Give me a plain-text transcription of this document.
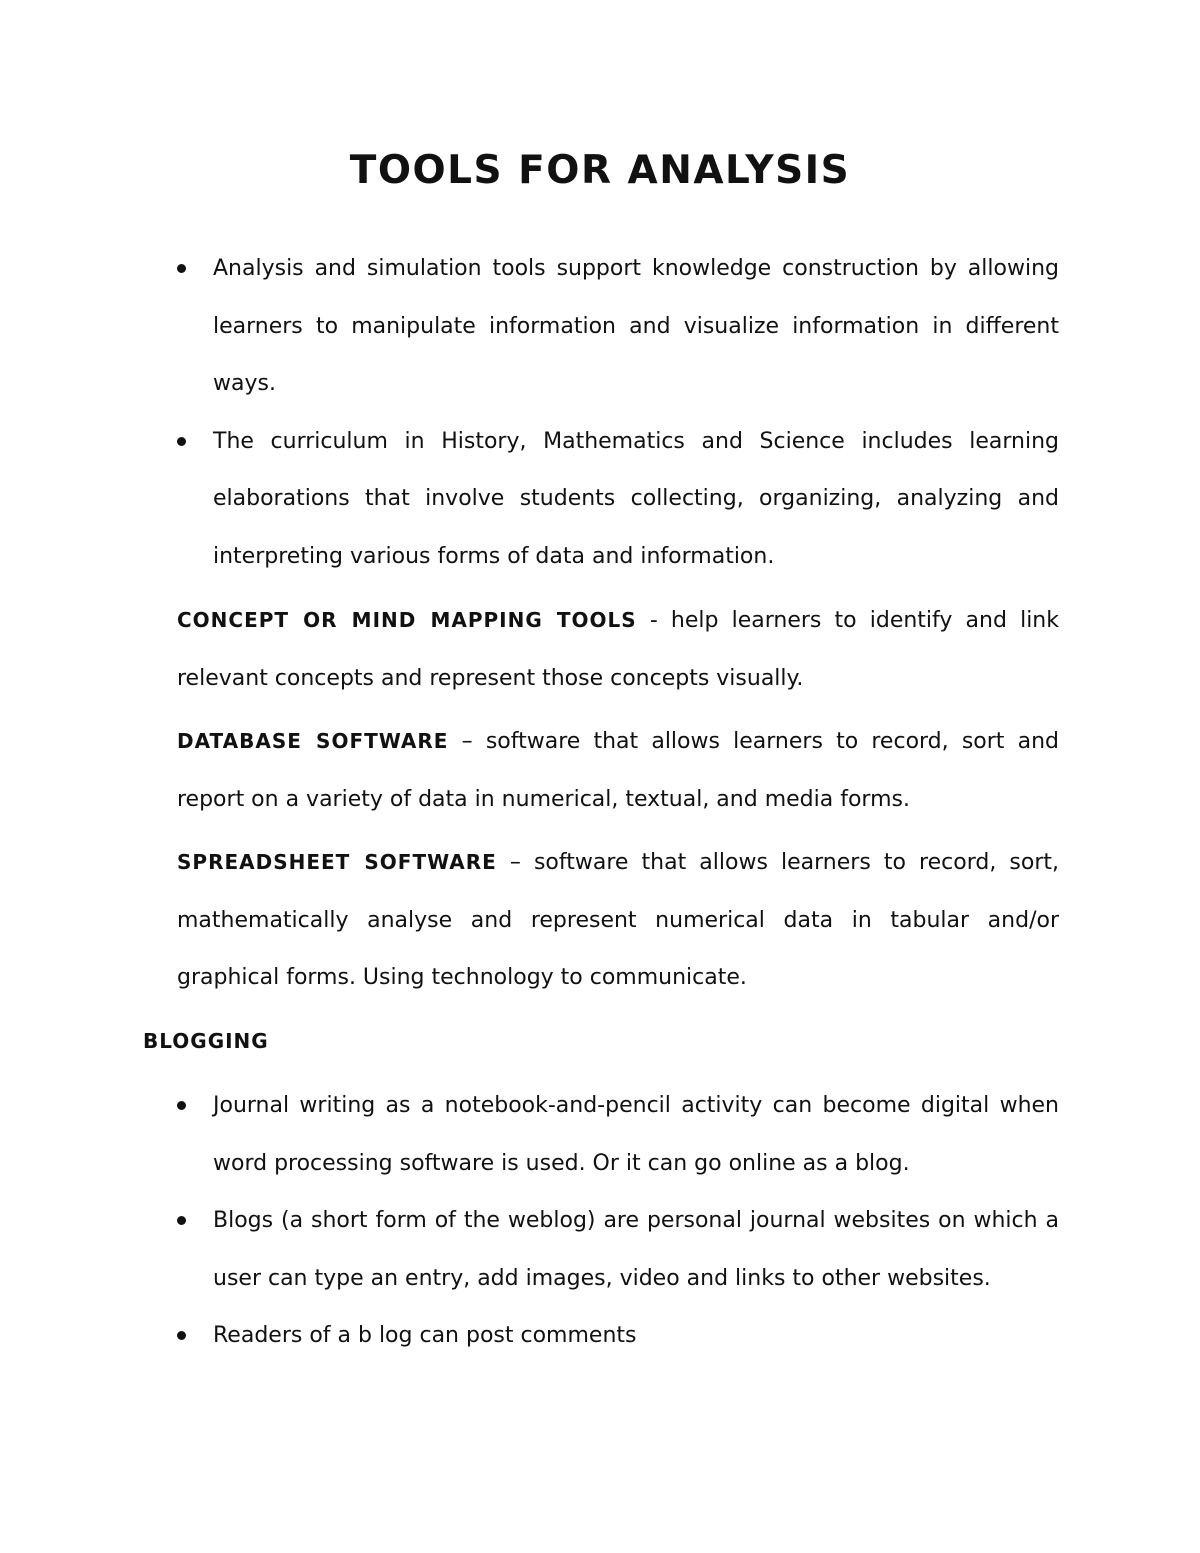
TOOLS FOR ANALYSIS
Analysis and simulation tools support knowledge construction by allowing learners to manipulate information and visualize information in different ways.
The curriculum in History, Mathematics and Science includes learning elaborations that involve students collecting, organizing, analyzing and interpreting various forms of data and information.

CONCEPT OR MIND MAPPING TOOLS - help learners to identify and link relevant concepts and represent those concepts visually.

DATABASE SOFTWARE – software that allows learners to record, sort and report on a variety of data in numerical, textual, and media forms.

SPREADSHEET SOFTWARE – software that allows learners to record, sort, mathematically analyse and represent numerical data in tabular and/or graphical forms. Using technology to communicate.

BLOGGING
Journal writing as a notebook-and-pencil activity can become digital when word processing software is used. Or it can go online as a blog.
Blogs (a short form of the weblog) are personal journal websites on which a user can type an entry, add images, video and links to other websites.
Readers of a b log can post comments
